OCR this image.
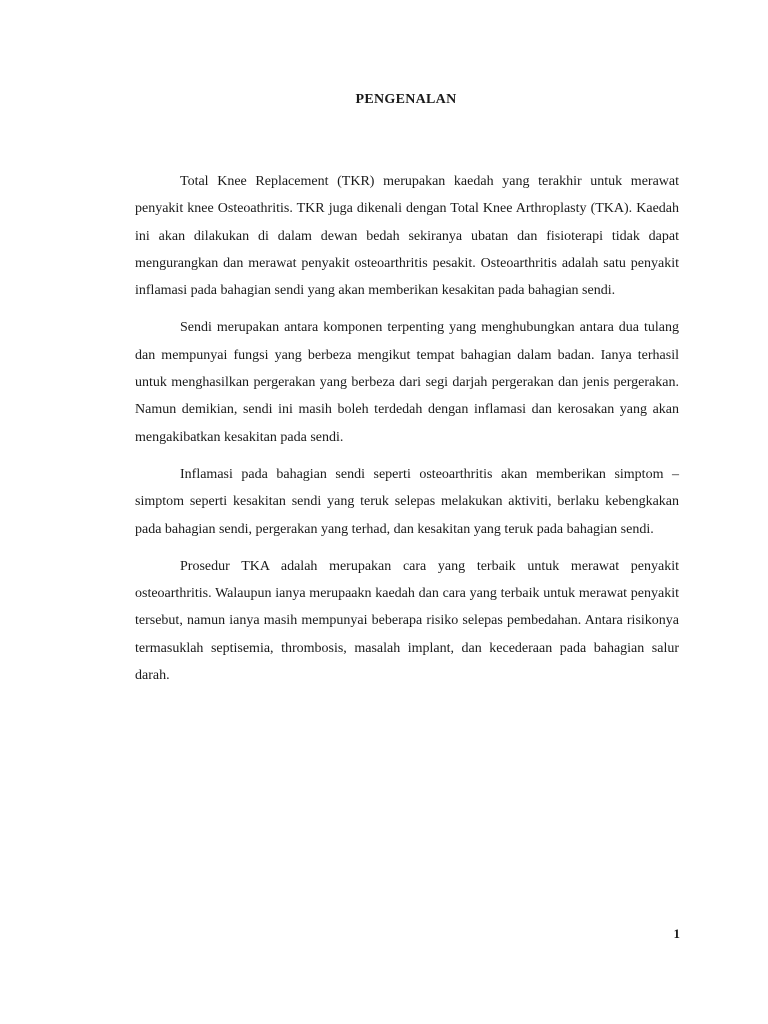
PENGENALAN

Total Knee Replacement (TKR) merupakan kaedah yang terakhir untuk merawat penyakit knee Osteoathritis. TKR juga dikenali dengan Total Knee Arthroplasty (TKA). Kaedah ini akan dilakukan di dalam dewan bedah sekiranya ubatan dan fisioterapi tidak dapat mengurangkan dan merawat penyakit osteoarthritis pesakit. Osteoarthritis adalah satu penyakit inflamasi pada bahagian sendi yang akan memberikan kesakitan pada bahagian sendi.

Sendi merupakan antara komponen terpenting yang menghubungkan antara dua tulang dan mempunyai fungsi yang berbeza mengikut tempat bahagian dalam badan. Ianya terhasil untuk menghasilkan pergerakan yang berbeza dari segi darjah pergerakan dan jenis pergerakan. Namun demikian, sendi ini masih boleh terdedah dengan inflamasi dan kerosakan yang akan mengakibatkan kesakitan pada sendi.

Inflamasi pada bahagian sendi seperti osteoarthritis akan memberikan simptom – simptom seperti kesakitan sendi yang teruk selepas melakukan aktiviti, berlaku kebengkakan pada bahagian sendi, pergerakan yang terhad, dan kesakitan yang teruk pada bahagian sendi.

Prosedur TKA adalah merupakan cara yang terbaik untuk merawat penyakit osteoarthritis. Walaupun ianya merupaakn kaedah dan cara yang terbaik untuk merawat penyakit tersebut, namun ianya masih mempunyai beberapa risiko selepas pembedahan. Antara risikonya termasuklah septisemia, thrombosis, masalah implant, dan kecederaan pada bahagian salur darah.

1
